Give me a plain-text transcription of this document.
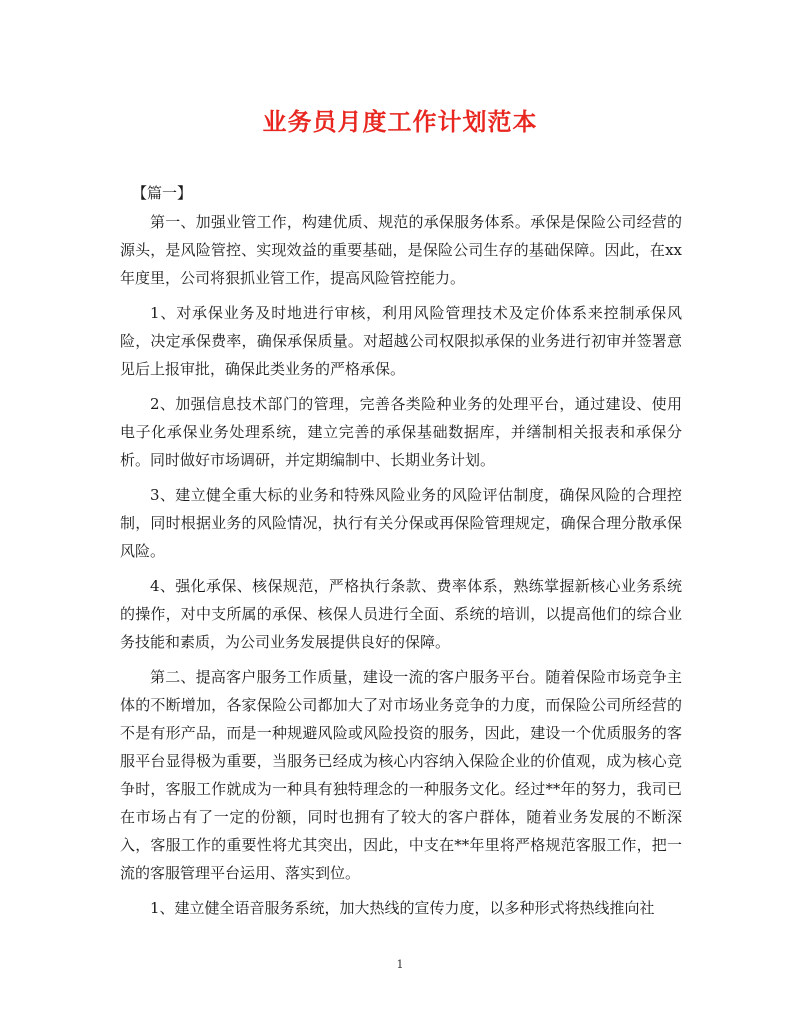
业务员月度工作计划范本

【篇一】

第一、加强业管工作，构建优质、规范的承保服务体系。承保是保险公司经营的源头，是风险管控、实现效益的重要基础，是保险公司生存的基础保障。因此，在xx年度里，公司将狠抓业管工作，提高风险管控能力。

1、对承保业务及时地进行审核，利用风险管理技术及定价体系来控制承保风险，决定承保费率，确保承保质量。对超越公司权限拟承保的业务进行初审并签署意见后上报审批，确保此类业务的严格承保。

2、加强信息技术部门的管理，完善各类险种业务的处理平台，通过建设、使用电子化承保业务处理系统，建立完善的承保基础数据库，并缮制相关报表和承保分析。同时做好市场调研，并定期编制中、长期业务计划。

3、建立健全重大标的业务和特殊风险业务的风险评估制度，确保风险的合理控制，同时根据业务的风险情况，执行有关分保或再保险管理规定，确保合理分散承保风险。

4、强化承保、核保规范，严格执行条款、费率体系，熟练掌握新核心业务系统的操作，对中支所属的承保、核保人员进行全面、系统的培训，以提高他们的综合业务技能和素质，为公司业务发展提供良好的保障。

第二、提高客户服务工作质量，建设一流的客户服务平台。随着保险市场竞争主体的不断增加，各家保险公司都加大了对市场业务竞争的力度，而保险公司所经营的不是有形产品，而是一种规避风险或风险投资的服务，因此，建设一个优质服务的客服平台显得极为重要，当服务已经成为核心内容纳入保险企业的价值观，成为核心竞争时，客服工作就成为一种具有独特理念的一种服务文化。经过**年的努力，我司已在市场占有了一定的份额，同时也拥有了较大的客户群体，随着业务发展的不断深入，客服工作的重要性将尤其突出，因此，中支在**年里将严格规范客服工作，把一流的客服管理平台运用、落实到位。

1、建立健全语音服务系统，加大热线的宣传力度，以多种形式将热线推向社

1
